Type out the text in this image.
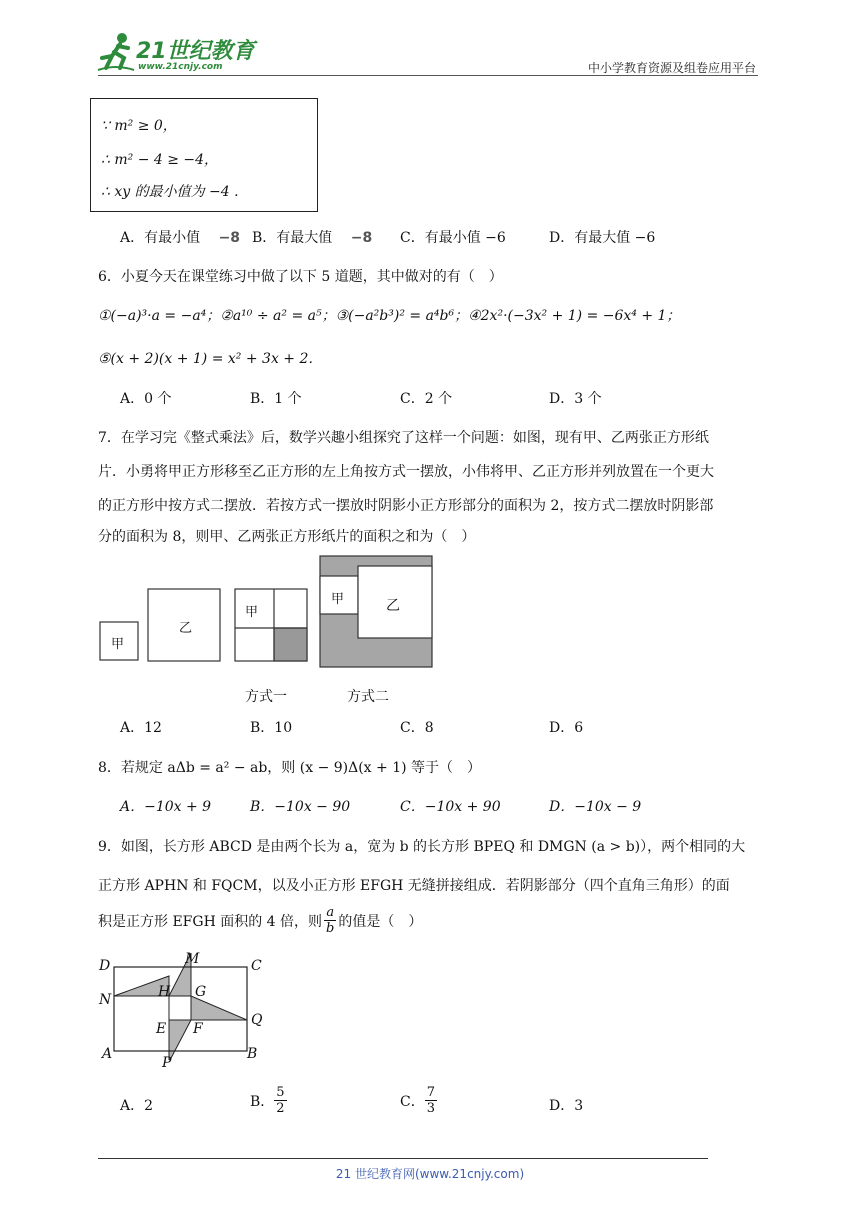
21世纪教育
www.21cnjy.com	中小学教育资源及组卷应用平台
∵ m² ≥ 0，
∴ m² − 4 ≥ −4，
∴ xy 的最小值为 −4 .
A．有最小值 −8 B．有最大值 −8 C．有最小值 −6	D．有最大值 −6
6．小夏今天在课堂练习中做了以下 5 道题，其中做对的有（　）
①(−a)³·a = −a⁴；②a¹⁰ ÷ a² = a⁵；③(−a²b³)² = a⁴b⁶；④2x²·(−3x² + 1) = −6x⁴ + 1；
⑤(x + 2)(x + 1) = x² + 3x + 2．
A．0 个	B．1 个	C．2 个	D．3 个
7．在学习完《整式乘法》后，数学兴趣小组探究了这样一个问题：如图，现有甲、乙两张正方形纸
片．小勇将甲正方形移至乙正方形的左上角按方式一摆放，小伟将甲、乙正方形并列放置在一个更大
的正方形中按方式二摆放．若按方式一摆放时阴影小正方形部分的面积为 2，按方式二摆放时阴影部
分的面积为 8，则甲、乙两张正方形纸片的面积之和为（　）
甲
乙
甲
甲	乙
方式一	方式二
A．12	B．10	C．8	D．6
8．若规定 aΔb = a² − ab，则 (x − 9)Δ(x + 1) 等于（　）
A．−10x + 9	B．−10x − 90	C．−10x + 90	D．−10x − 9
9．如图，长方形 ABCD 是由两个长为 a，宽为 b 的长方形 BPEQ 和 DMGN (a > b)），两个相同的大
正方形 APHN 和 FQCM，以及小正方形 EFGH 无缝拼接组成．若阴影部分（四个直角三角形）的面
积是正方形 EFGH 面积的 4 倍，则 $\frac{a}{b}$ 的值是（　）
D	M	C
N	H G
Q
E F
A
P
B
A．2	B． $\frac{5}{2}$	C． $\frac{7}{3}$	D．3
21 世纪教育网(www.21cnjy.com)
